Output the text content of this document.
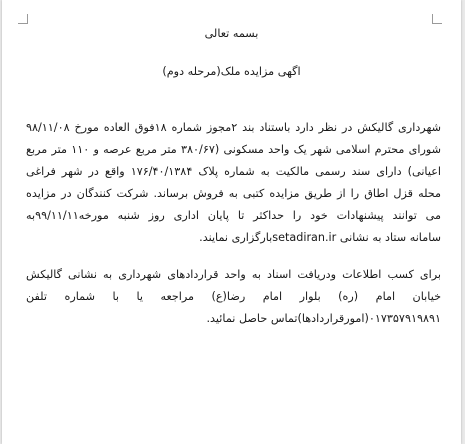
بسمه تعالی
اگهی مزایده ملک(مرحله دوم)
شهرداری گالیکش در نظر دارد باستناد بند ۲مجوز شماره ۱۸فوق العاده مورخ ۹۸/۱۱/۰۸
شورای محترم اسلامی شهر یک واحد مسکونی (۳۸۰/۶۷ متر مربع عرصه و ۱۱۰ متر مربع
اعیانی) دارای سند رسمی مالکیت به شماره پلاک ۱۷۶/۴۰/۱۳۸۴ واقع در شهر فراغی
محله قزل اطاق را از طریق مزایده کتبی به فروش برساند. شرکت کنندگان در مزایده
می توانند پیشنهادات خود را حداکثر تا پایان اداری روز شنبه مورخه۹۹/۱۱/۱۱به
سامانه ستاد به نشانی setadiran.irبارگزاری نمایند.
برای کسب اطلاعات ودریافت اسناد به واحد قراردادهای شهرداری به نشانی گالیکش
خیابان امام (ره) بلوار امام رضا(ع) مراجعه یا با شماره تلفن
۰۱۷۳۵۷۹۱۹۸۹۱(امورقراردادها)تماس حاصل نمائید.
